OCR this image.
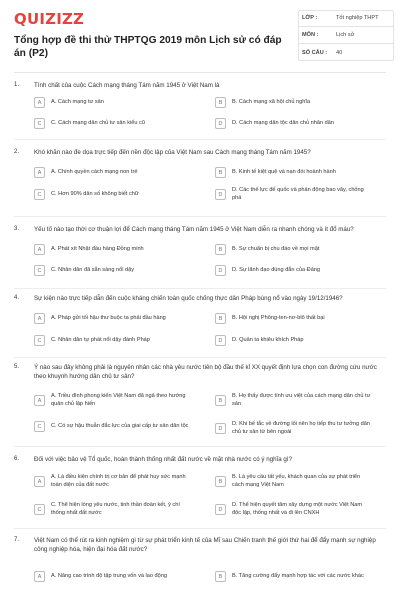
QUIZIZZ
Tổng hợp đề thi thử THPTQG 2019 môn Lịch sử có đáp án (P2)
LỚP :	Tốt nghiệp THPT
MÔN :	Lịch sử
SỐ CÂU :	40
1. Tính chất của cuộc Cách mạng tháng Tám năm 1945 ở Việt Nam là
A	A. Cách mạng tư sản	B	B. Cách mạng xã hội chủ nghĩa
C	C. Cách mạng dân chủ tư sản kiểu cũ	D	D. Cách mạng dân tộc dân chủ nhân dân
2. Khó khăn nào đe dọa trực tiếp đến nền độc lập của Việt Nam sau Cách mạng tháng Tám năm 1945?
A	A. Chính quyền cách mạng non trẻ	B	B. Kinh tế kiệt quệ và nạn đói hoành hành
C	C. Hơn 90% dân số không biết chữ	D
D. Các thế lực đế quốc và phản động bao vây, chống phá
3. Yếu tố nào tạo thời cơ thuận lợi để Cách mạng tháng Tám năm 1945 ở Việt Nam diễn ra nhanh chóng và ít đổ máu?
A	A. Phát xít Nhật đầu hàng Đồng minh	B	B. Sự chuẩn bị chu đáo về mọi mặt
C	C. Nhân dân đã sẵn sàng nổi dậy	D	D. Sự lãnh đạo đúng đắn của Đảng
4. Sự kiện nào trực tiếp dẫn đến cuộc kháng chiến toàn quốc chống thực dân Pháp bùng nổ vào ngày 19/12/1946?
A	A. Pháp gửi tối hậu thư buộc ta phải đầu hàng	B	B. Hội nghị Phông-ten-nơ-blô thất bại
C	C. Nhân dân tự phát nổi dậy đánh Pháp	D	D. Quân ta khiêu khích Pháp
5. Ý nào sau đây không phải là nguyên nhân các nhà yêu nước tiên bộ đầu thế kỉ XX quyết định lựa chọn con đường cứu nước theo khuynh hướng dân chủ tư sản?
A
A. Triều đình phong kiến Việt Nam đã ngả theo hướng quân chủ lập hiến	B
B. Họ thấy được tính ưu việt của cách mạng dân chủ tư sản
C	C. Có sự hậu thuẫn đắc lực của giai cấp tư sản dân tộc	D
D. Khi bế tắc về đường lối nên họ tiếp thu tư tưởng dân chủ tư sản từ bên ngoài
6. Đối với việc bảo vệ Tổ quốc, hoàn thành thống nhất đất nước về mặt nhà nước có ý nghĩa gì?
A
A. Là điều kiện chính trị cơ bản để phát huy sức mạnh toàn diện của đất nước	B
B. Là yêu cầu tất yếu, khách quan của sự phát triển cách mạng Việt Nam
C
C. Thể hiện lòng yêu nước, tinh thần đoàn kết, ý chí thống nhất đất nước	D
D. Thể hiện quyết tâm xây dựng một nước Việt Nam độc lập, thống nhất và đi lên CNXH
7. Việt Nam có thể rút ra kinh nghiệm gì từ sự phát triển kinh tế của Mĩ sau Chiến tranh thế giới thứ hai để đẩy mạnh sự nghiệp công nghiệp hóa, hiện đại hóa đất nước?
A	A. Nâng cao trình độ tập trung vốn và lao động	B	B. Tăng cường đẩy mạnh hợp tác với các nước khác
